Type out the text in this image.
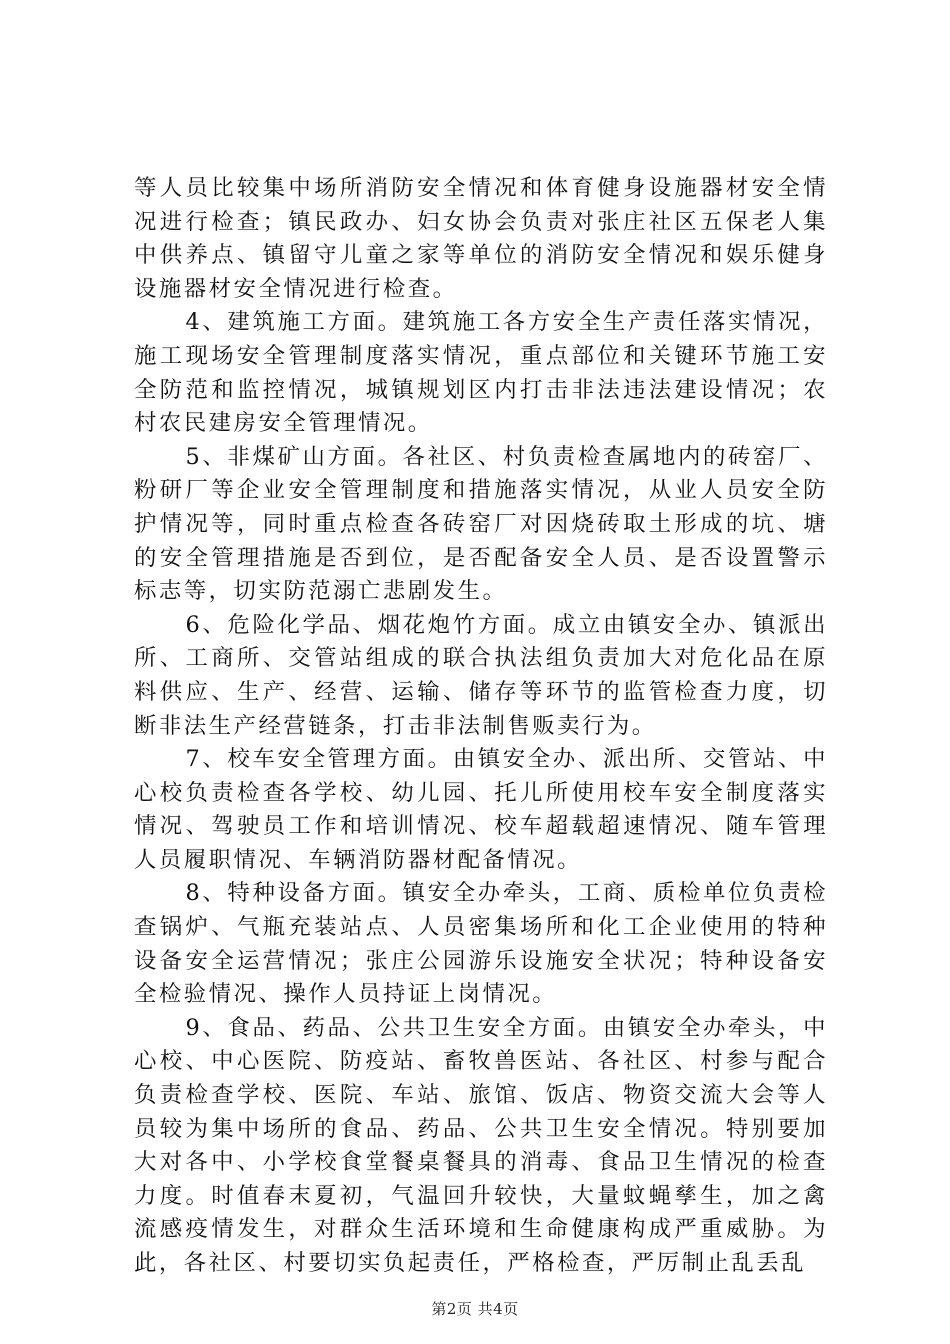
等人员比较集中场所消防安全情况和体育健身设施器材安全情况进行检查；镇民政办、妇女协会负责对张庄社区五保老人集中供养点、镇留守儿童之家等单位的消防安全情况和娱乐健身设施器材安全情况进行检查。

4、建筑施工方面。建筑施工各方安全生产责任落实情况，施工现场安全管理制度落实情况，重点部位和关键环节施工安全防范和监控情况，城镇规划区内打击非法违法建设情况；农村农民建房安全管理情况。

5、非煤矿山方面。各社区、村负责检查属地内的砖窑厂、粉研厂等企业安全管理制度和措施落实情况，从业人员安全防护情况等，同时重点检查各砖窑厂对因烧砖取土形成的坑、塘的安全管理措施是否到位，是否配备安全人员、是否设置警示标志等，切实防范溺亡悲剧发生。

6、危险化学品、烟花炮竹方面。成立由镇安全办、镇派出所、工商所、交管站组成的联合执法组负责加大对危化品在原料供应、生产、经营、运输、储存等环节的监管检查力度，切断非法生产经营链条，打击非法制售贩卖行为。

7、校车安全管理方面。由镇安全办、派出所、交管站、中心校负责检查各学校、幼儿园、托儿所使用校车安全制度落实情况、驾驶员工作和培训情况、校车超载超速情况、随车管理人员履职情况、车辆消防器材配备情况。

8、特种设备方面。镇安全办牵头，工商、质检单位负责检查锅炉、气瓶充装站点、人员密集场所和化工企业使用的特种设备安全运营情况；张庄公园游乐设施安全状况；特种设备安全检验情况、操作人员持证上岗情况。

9、食品、药品、公共卫生安全方面。由镇安全办牵头，中心校、中心医院、防疫站、畜牧兽医站、各社区、村参与配合负责检查学校、医院、车站、旅馆、饭店、物资交流大会等人员较为集中场所的食品、药品、公共卫生安全情况。特别要加大对各中、小学校食堂餐桌餐具的消毒、食品卫生情况的检查力度。时值春末夏初，气温回升较快，大量蚊蝇孳生，加之禽流感疫情发生，对群众生活环境和生命健康构成严重威胁。为此，各社区、村要切实负起责任，严格检查，严厉制止乱丢乱

第2页 共4页
